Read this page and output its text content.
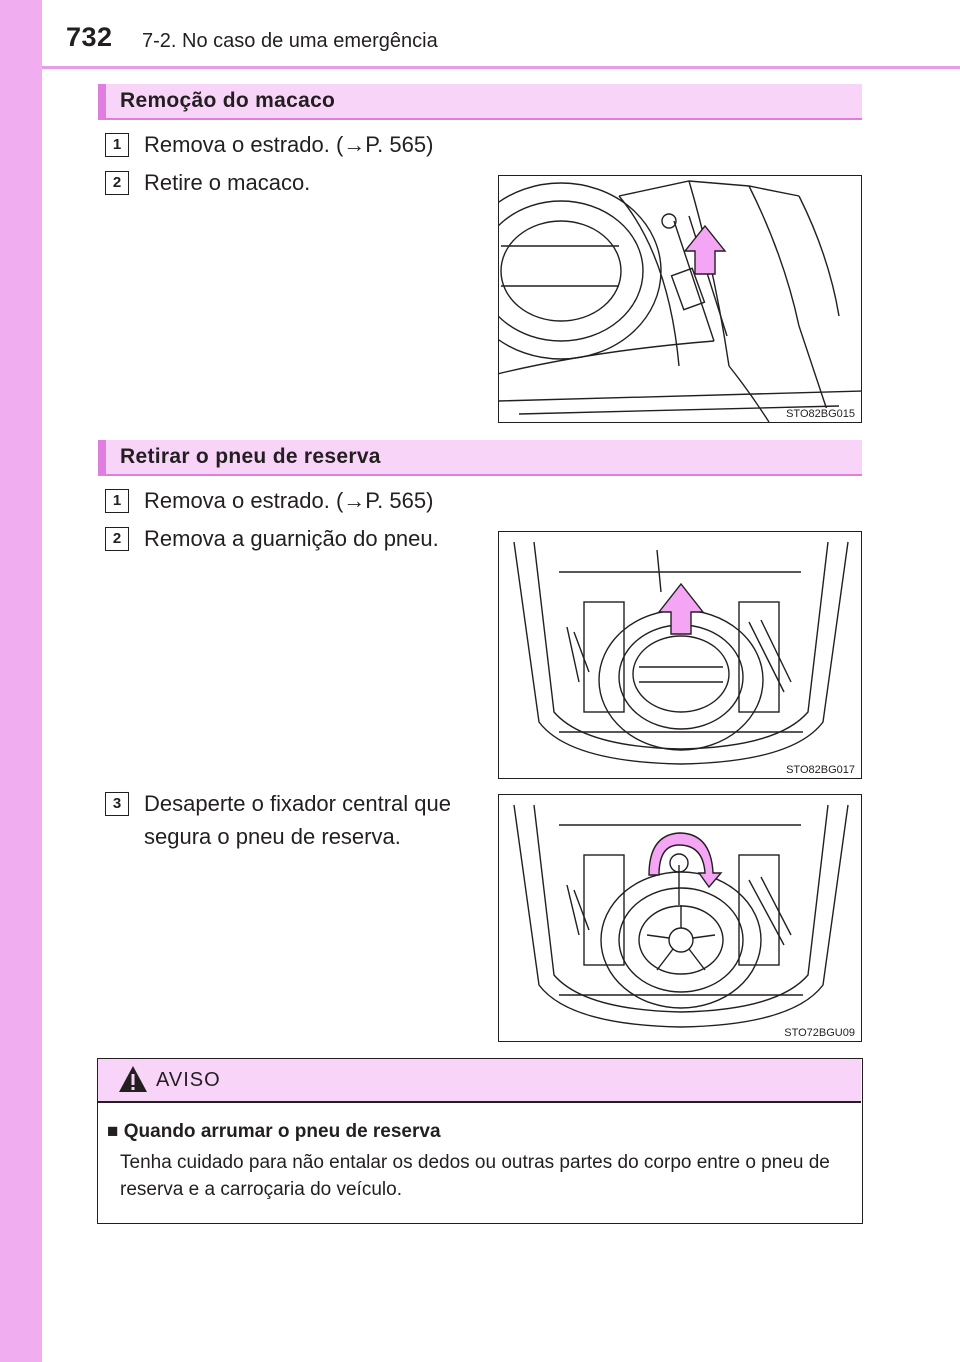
732 7-2. No caso de uma emergência
Remoção do macaco
1	Remova o estrado. (→P. 565)
2	Retire o macaco.
STO82BG015
Retirar o pneu de reserva
1	Remova o estrado. (→P. 565)
2	Remova a guarnição do pneu.
STO82BG017
3	Desaperte o fixador central que
segura o pneu de reserva.
STO72BGU09
AVISO
■ Quando arrumar o pneu de reserva
Tenha cuidado para não entalar os dedos ou outras partes do corpo entre o pneu de reserva e a carroçaria do veículo.
